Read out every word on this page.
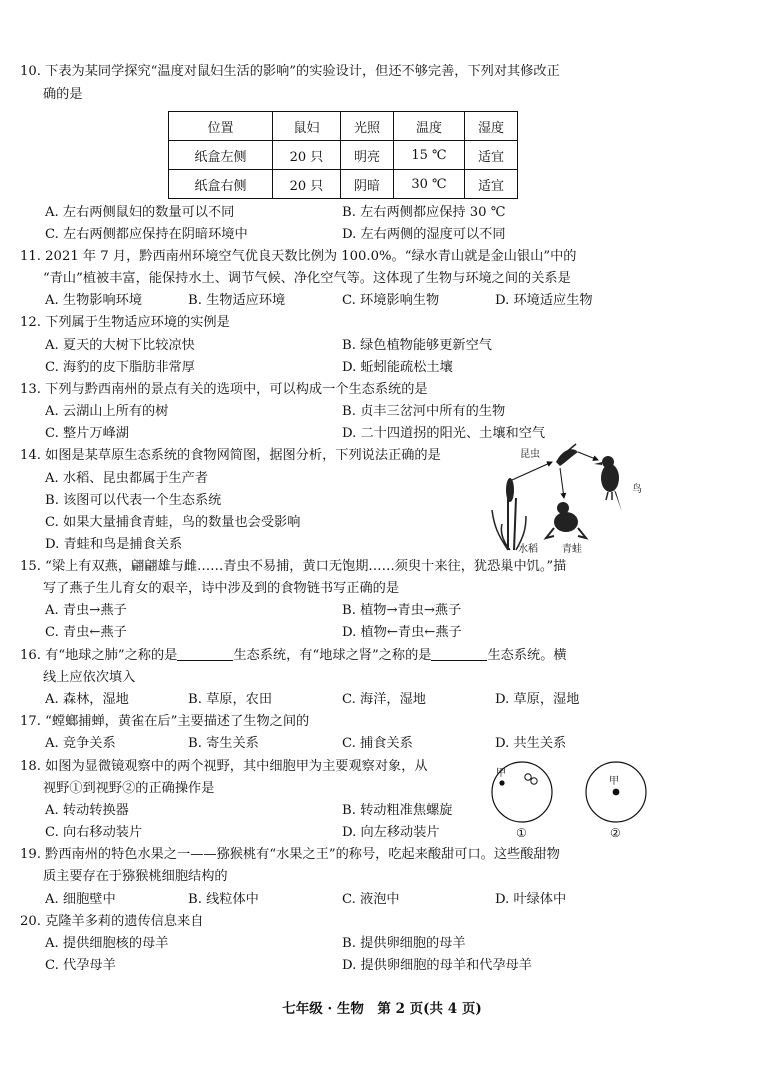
10. 下表为某同学探究“温度对鼠妇生活的影响”的实验设计，但还不够完善，下列对其修改正
确的是
位置	鼠妇	光照	温度	湿度
纸盒左侧	20 只	明亮	15 ℃	适宜
纸盒右侧	20 只	阴暗	30 ℃	适宜
A. 左右两侧鼠妇的数量可以不同	B. 左右两侧都应保持 30 ℃
C. 左右两侧都应保持在阴暗环境中	D. 左右两侧的湿度可以不同
11. 2021 年 7 月，黔西南州环境空气优良天数比例为 100.0%。“绿水青山就是金山银山”中的
“青山”植被丰富，能保持水土、调节气候、净化空气等。这体现了生物与环境之间的关系是
A. 生物影响环境	B. 生物适应环境	C. 环境影响生物	D. 环境适应生物
12. 下列属于生物适应环境的实例是
A. 夏天的大树下比较凉快	B. 绿色植物能够更新空气
C. 海豹的皮下脂肪非常厚	D. 蚯蚓能疏松土壤
13. 下列与黔西南州的景点有关的选项中，可以构成一个生态系统的是
A. 云湖山上所有的树	B. 贞丰三岔河中所有的生物
C. 整片万峰湖	D. 二十四道拐的阳光、土壤和空气
14. 如图是某草原生态系统的食物网简图，据图分析，下列说法正确的是
A. 水稻、昆虫都属于生产者
B. 该图可以代表一个生态系统
C. 如果大量捕食青蛙，鸟的数量也会受影响
D. 青蛙和鸟是捕食关系
昆虫
鸟
水稻 青蛙
15. “梁上有双燕，翩翩雄与雌……青虫不易捕，黄口无饱期……须臾十来往，犹恐巢中饥。”描
写了燕子生儿育女的艰辛，诗中涉及到的食物链书写正确的是
A. 青虫→燕子	B. 植物→青虫→燕子
C. 青虫←燕子	D. 植物←青虫←燕子
16. 有“地球之肺”之称的是	生态系统，有“地球之肾”之称的是	生态系统。横
线上应依次填入
A. 森林，湿地	B. 草原，农田	C. 海洋，湿地	D. 草原，湿地
17. “螳螂捕蝉，黄雀在后”主要描述了生物之间的
A. 竞争关系	B. 寄生关系	C. 捕食关系	D. 共生关系
18. 如图为显微镜观察中的两个视野，其中细胞甲为主要观察对象，从
视野①到视野②的正确操作是
A. 转动转换器	B. 转动粗准焦螺旋
C. 向右移动装片	D. 向左移动装片
甲
甲
①	②
19. 黔西南州的特色水果之一——猕猴桃有“水果之王”的称号，吃起来酸甜可口。这些酸甜物
质主要存在于猕猴桃细胞结构的
A. 细胞壁中	B. 线粒体中	C. 液泡中	D. 叶绿体中
20. 克隆羊多莉的遗传信息来自
A. 提供细胞核的母羊	B. 提供卵细胞的母羊
C. 代孕母羊	D. 提供卵细胞的母羊和代孕母羊
七年级 · 生物　第 2 页(共 4 页)
